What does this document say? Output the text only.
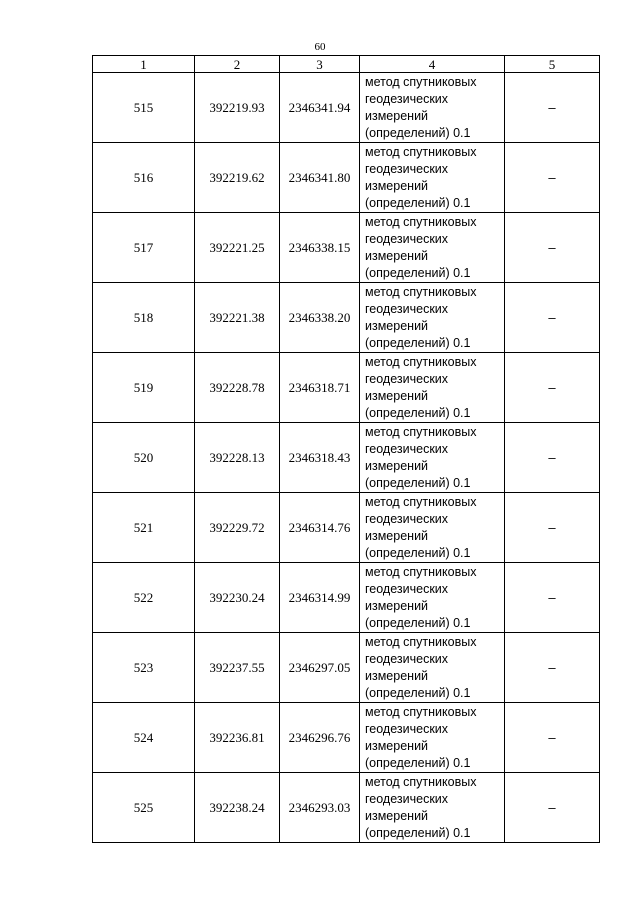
60
1	2	3	4	5
515	392219.93	2346341.94	метод спутниковых
геодезических
измерений
(определений) 0.1	–
516	392219.62	2346341.80	метод спутниковых
геодезических
измерений
(определений) 0.1	–
517	392221.25	2346338.15	метод спутниковых
геодезических
измерений
(определений) 0.1	–
518	392221.38	2346338.20	метод спутниковых
геодезических
измерений
(определений) 0.1	–
519	392228.78	2346318.71	метод спутниковых
геодезических
измерений
(определений) 0.1	–
520	392228.13	2346318.43	метод спутниковых
геодезических
измерений
(определений) 0.1	–
521	392229.72	2346314.76	метод спутниковых
геодезических
измерений
(определений) 0.1	–
522	392230.24	2346314.99	метод спутниковых
геодезических
измерений
(определений) 0.1	–
523	392237.55	2346297.05	метод спутниковых
геодезических
измерений
(определений) 0.1	–
524	392236.81	2346296.76	метод спутниковых
геодезических
измерений
(определений) 0.1	–
525	392238.24	2346293.03	метод спутниковых
геодезических
измерений
(определений) 0.1	–
